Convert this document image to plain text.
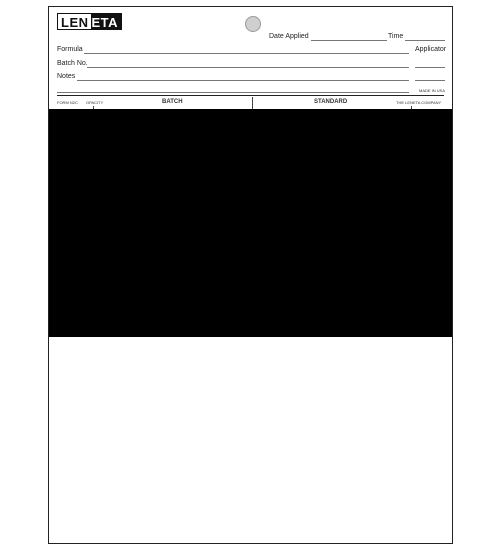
LEN ETA
Date Applied	Time
Formula	Applicator
Batch No.
Notes
MADE IN USA
FORM N2C OPACITY	BATCH	STANDARD	THE LENETA COMPANY
